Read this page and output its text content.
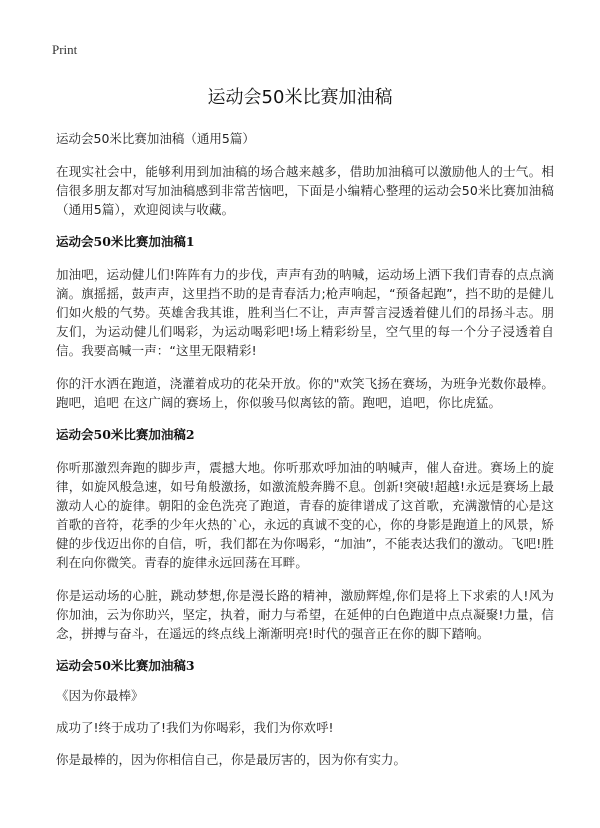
Print
运动会50米比赛加油稿
运动会50米比赛加油稿（通用5篇）

在现实社会中，能够利用到加油稿的场合越来越多，借助加油稿可以激励他人的士气。相信很多朋友都对写加油稿感到非常苦恼吧，下面是小编精心整理的运动会50米比赛加油稿（通用5篇），欢迎阅读与收藏。

运动会50米比赛加油稿1

加油吧，运动健儿们!阵阵有力的步伐，声声有劲的呐喊，运动场上洒下我们青春的点点滴滴。旗摇摇，鼓声声，这里挡不助的是青春活力;枪声响起，“预备起跑”，挡不助的是健儿们如火般的气势。英雄舍我其谁，胜利当仁不让，声声誓言浸透着健儿们的昂扬斗志。朋友们，为运动健儿们喝彩，为运动喝彩吧!场上精彩纷呈，空气里的每一个分子浸透着自信。我要高喊一声：“这里无限精彩!

你的汗水洒在跑道，浇灌着成功的花朵开放。你的"欢笑飞扬在赛场，为班争光数你最棒。跑吧，追吧 在这广阔的赛场上，你似骏马似离铉的箭。跑吧，追吧，你比虎猛。

运动会50米比赛加油稿2

你听那激烈奔跑的脚步声，震撼大地。你听那欢呼加油的呐喊声，催人奋进。赛场上的旋律，如旋风般急速，如号角般激扬，如激流般奔腾不息。创新!突破!超越!永远是赛场上最激动人心的旋律。朝阳的金色洗亮了跑道，青春的旋律谱成了这首歌，充满激情的心是这首歌的音符，花季的少年火热的`心，永远的真诚不变的心，你的身影是跑道上的风景，矫健的步伐迈出你的自信，听，我们都在为你喝彩，“加油”，不能表达我们的激动。飞吧!胜利在向你微笑。青春的旋律永远回荡在耳畔。

你是运动场的心脏，跳动梦想,你是漫长路的精神，激励辉煌,你们是将上下求索的人!风为你加油，云为你助兴，坚定，执着，耐力与希望，在延伸的白色跑道中点点凝聚!力量，信念，拼搏与奋斗，在遥远的终点线上渐渐明亮!时代的强音正在你的脚下踏响。

运动会50米比赛加油稿3
《因为你最棒》
成功了!终于成功了!我们为你喝彩，我们为你欢呼!
你是最棒的，因为你相信自己，你是最厉害的，因为你有实力。
